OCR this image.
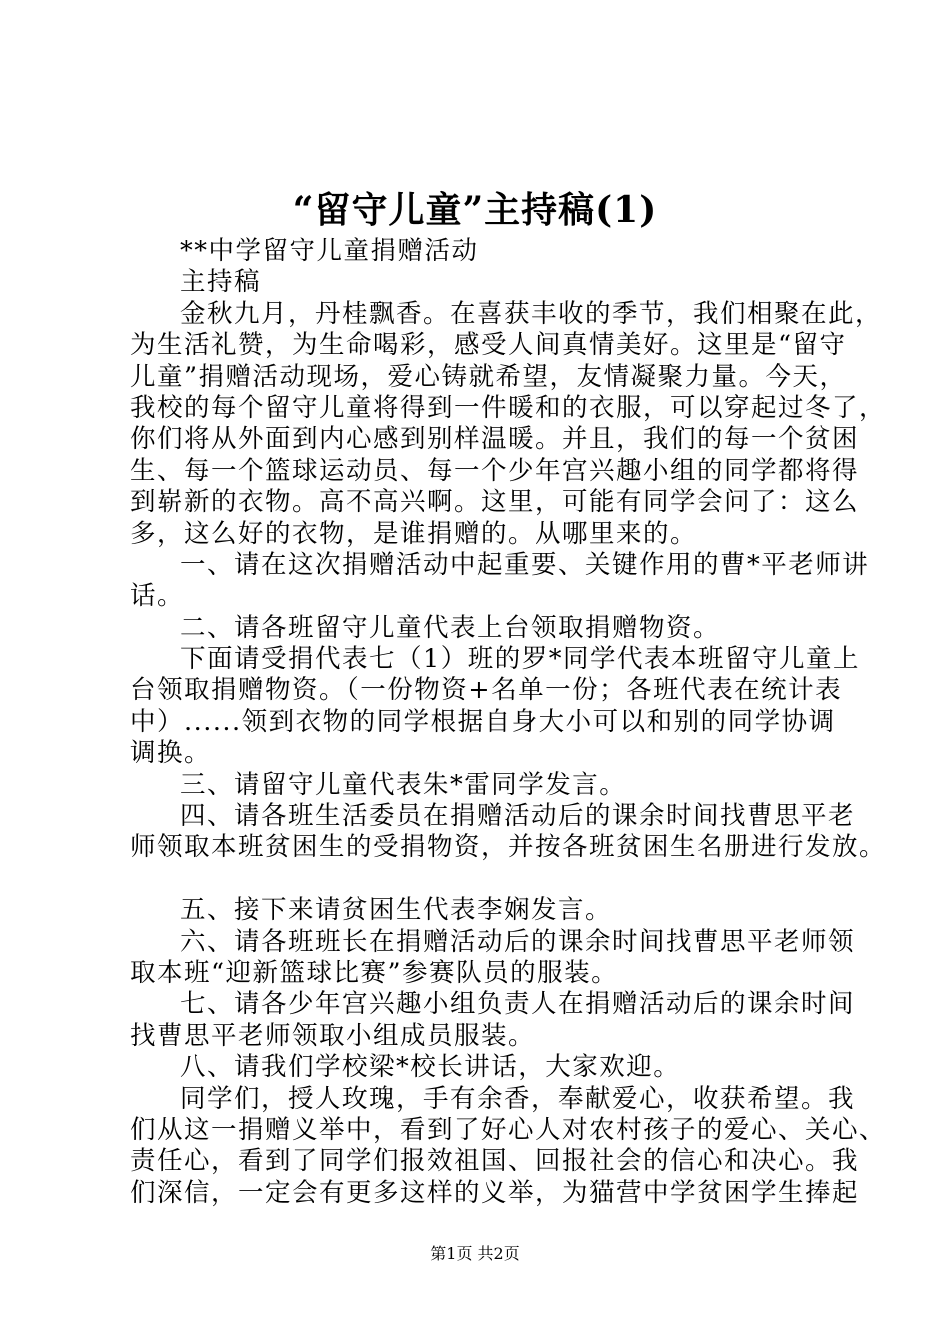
“留守儿童”主持稿(1)
**中学留守儿童捐赠活动
主持稿
金秋九月，丹桂飘香。在喜获丰收的季节，我们相聚在此，
为生活礼赞，为生命喝彩，感受人间真情美好。这里是“留守
儿童”捐赠活动现场，爱心铸就希望，友情凝聚力量。今天，
我校的每个留守儿童将得到一件暖和的衣服，可以穿起过冬了，
你们将从外面到内心感到别样温暖。并且，我们的每一个贫困
生、每一个篮球运动员、每一个少年宫兴趣小组的同学都将得
到崭新的衣物。高不高兴啊。这里，可能有同学会问了：这么
多，这么好的衣物，是谁捐赠的。从哪里来的。
一、请在这次捐赠活动中起重要、关键作用的曹*平老师讲
话。
二、请各班留守儿童代表上台领取捐赠物资。
下面请受捐代表七（1）班的罗*同学代表本班留守儿童上
台领取捐赠物资。（一份物资+名单一份；各班代表在统计表
中）......领到衣物的同学根据自身大小可以和别的同学协调
调换。
三、请留守儿童代表朱*雷同学发言。
四、请各班生活委员在捐赠活动后的课余时间找曹思平老
师领取本班贫困生的受捐物资，并按各班贫困生名册进行发放。
五、接下来请贫困生代表李娴发言。
六、请各班班长在捐赠活动后的课余时间找曹思平老师领
取本班“迎新篮球比赛”参赛队员的服装。
七、请各少年宫兴趣小组负责人在捐赠活动后的课余时间
找曹思平老师领取小组成员服装。
八、请我们学校梁*校长讲话，大家欢迎。
同学们，授人玫瑰，手有余香，奉献爱心，收获希望。我
们从这一捐赠义举中，看到了好心人对农村孩子的爱心、关心、
责任心，看到了同学们报效祖国、回报社会的信心和决心。我
们深信，一定会有更多这样的义举，为猫营中学贫困学生捧起
第1页 共2页
